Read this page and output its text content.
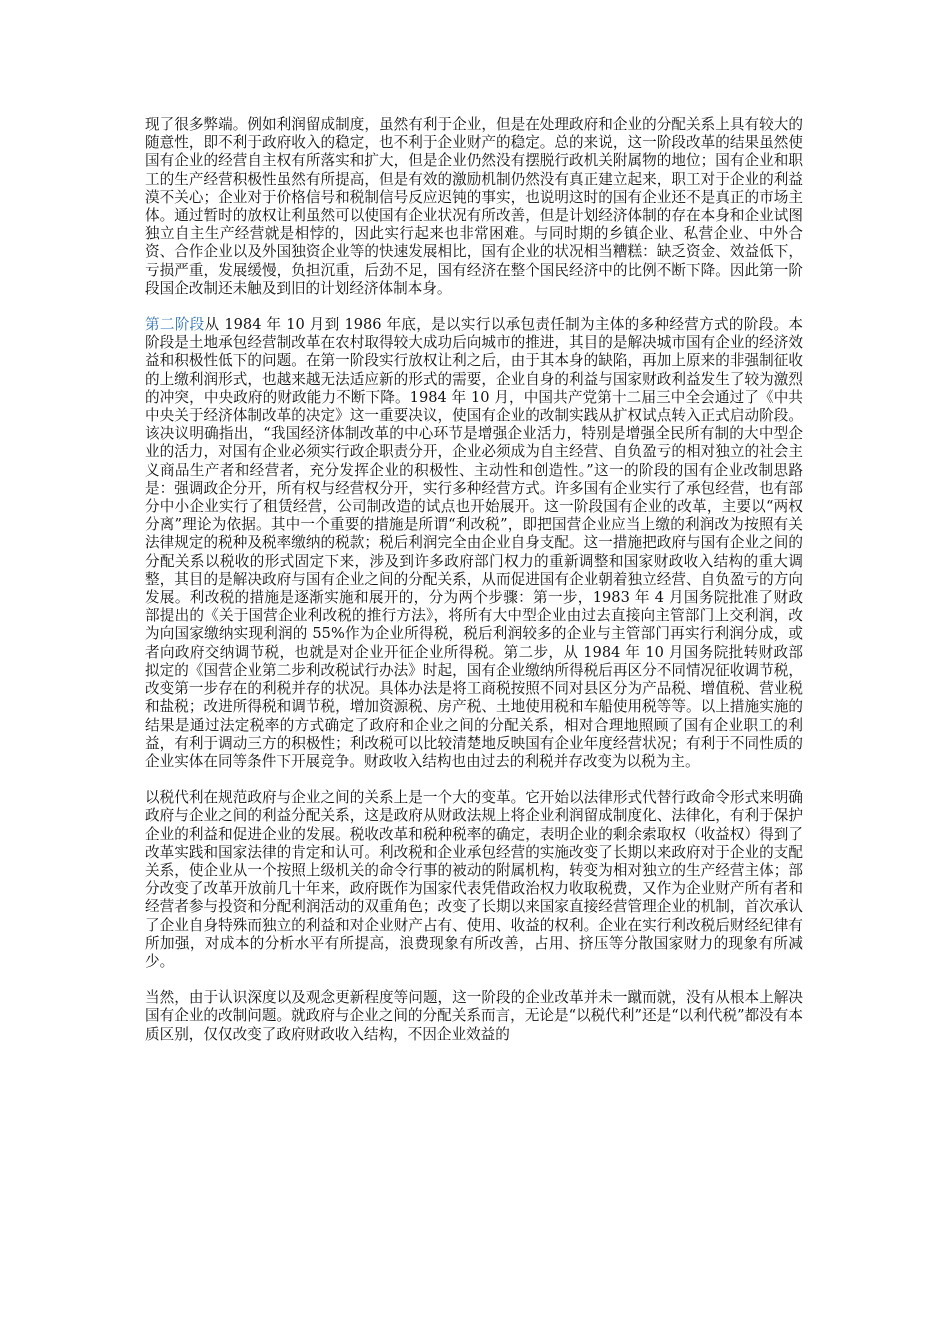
现了很多弊端。例如利润留成制度，虽然有利于企业，但是在处理政府和企业的分配关系上具有较大的随意性，即不利于政府收入的稳定，也不利于企业财产的稳定。总的来说，这一阶段改革的结果虽然使国有企业的经营自主权有所落实和扩大，但是企业仍然没有摆脱行政机关附属物的地位；国有企业和职工的生产经营积极性虽然有所提高，但是有效的激励机制仍然没有真正建立起来，职工对于企业的利益漠不关心；企业对于价格信号和税制信号反应迟钝的事实，也说明这时的国有企业还不是真正的市场主体。通过暂时的放权让利虽然可以使国有企业状况有所改善，但是计划经济体制的存在本身和企业试图独立自主生产经营就是相悖的，因此实行起来也非常困难。与同时期的乡镇企业、私营企业、中外合资、合作企业以及外国独资企业等的快速发展相比，国有企业的状况相当糟糕：缺乏资金、效益低下，亏损严重，发展缓慢，负担沉重，后劲不足，国有经济在整个国民经济中的比例不断下降。因此第一阶段国企改制还未触及到旧的计划经济体制本身。

第二阶段从 1984 年 10 月到 1986 年底，是以实行以承包责任制为主体的多种经营方式的阶段。本阶段是土地承包经营制改革在农村取得较大成功后向城市的推进，其目的是解决城市国有企业的经济效益和积极性低下的问题。在第一阶段实行放权让利之后，由于其本身的缺陷，再加上原来的非强制征收的上缴利润形式，也越来越无法适应新的形式的需要，企业自身的利益与国家财政利益发生了较为激烈的冲突，中央政府的财政能力不断下降。1984 年 10 月，中国共产党第十二届三中全会通过了《中共中央关于经济体制改革的决定》这一重要决议，使国有企业的改制实践从扩权试点转入正式启动阶段。该决议明确指出，“我国经济体制改革的中心环节是增强企业活力，特别是增强全民所有制的大中型企业的活力，对国有企业必须实行政企职责分开，企业必须成为自主经营、自负盈亏的相对独立的社会主义商品生产者和经营者，充分发挥企业的积极性、主动性和创造性。”这一的阶段的国有企业改制思路是：强调政企分开，所有权与经营权分开，实行多种经营方式。许多国有企业实行了承包经营，也有部分中小企业实行了租赁经营，公司制改造的试点也开始展开。这一阶段国有企业的改革，主要以“两权分离”理论为依据。其中一个重要的措施是所谓“利改税”，即把国营企业应当上缴的利润改为按照有关法律规定的税种及税率缴纳的税款；税后利润完全由企业自身支配。这一措施把政府与国有企业之间的分配关系以税收的形式固定下来，涉及到许多政府部门权力的重新调整和国家财政收入结构的重大调整，其目的是解决政府与国有企业之间的分配关系，从而促进国有企业朝着独立经营、自负盈亏的方向发展。利改税的措施是逐渐实施和展开的，分为两个步骤：第一步，1983 年 4 月国务院批准了财政部提出的《关于国营企业利改税的推行方法》，将所有大中型企业由过去直接向主管部门上交利润，改为向国家缴纳实现利润的 55%作为企业所得税，税后利润较多的企业与主管部门再实行利润分成，或者向政府交纳调节税，也就是对企业开征企业所得税。第二步，从 1984 年 10 月国务院批转财政部拟定的《国营企业第二步利改税试行办法》时起，国有企业缴纳所得税后再区分不同情况征收调节税，改变第一步存在的利税并存的状况。具体办法是将工商税按照不同对县区分为产品税、增值税、营业税和盐税；改进所得税和调节税，增加资源税、房产税、土地使用税和车船使用税等等。以上措施实施的结果是通过法定税率的方式确定了政府和企业之间的分配关系，相对合理地照顾了国有企业职工的利益，有利于调动三方的积极性；利改税可以比较清楚地反映国有企业年度经营状况；有利于不同性质的企业实体在同等条件下开展竞争。财政收入结构也由过去的利税并存改变为以税为主。

以税代利在规范政府与企业之间的关系上是一个大的变革。它开始以法律形式代替行政命令形式来明确政府与企业之间的利益分配关系，这是政府从财政法规上将企业利润留成制度化、法律化，有利于保护企业的利益和促进企业的发展。税收改革和税种税率的确定，表明企业的剩余索取权（收益权）得到了改革实践和国家法律的肯定和认可。利改税和企业承包经营的实施改变了长期以来政府对于企业的支配关系，使企业从一个按照上级机关的命令行事的被动的附属机构，转变为相对独立的生产经营主体；部分改变了改革开放前几十年来，政府既作为国家代表凭借政治权力收取税费，又作为企业财产所有者和经营者参与投资和分配利润活动的双重角色；改变了长期以来国家直接经营管理企业的机制，首次承认了企业自身特殊而独立的利益和对企业财产占有、使用、收益的权利。企业在实行利改税后财经纪律有所加强，对成本的分析水平有所提高，浪费现象有所改善，占用、挤压等分散国家财力的现象有所减少。

当然，由于认识深度以及观念更新程度等问题，这一阶段的企业改革并未一蹴而就，没有从根本上解决国有企业的改制问题。就政府与企业之间的分配关系而言，无论是“以税代利”还是“以利代税”都没有本质区别，仅仅改变了政府财政收入结构，不因企业效益的
